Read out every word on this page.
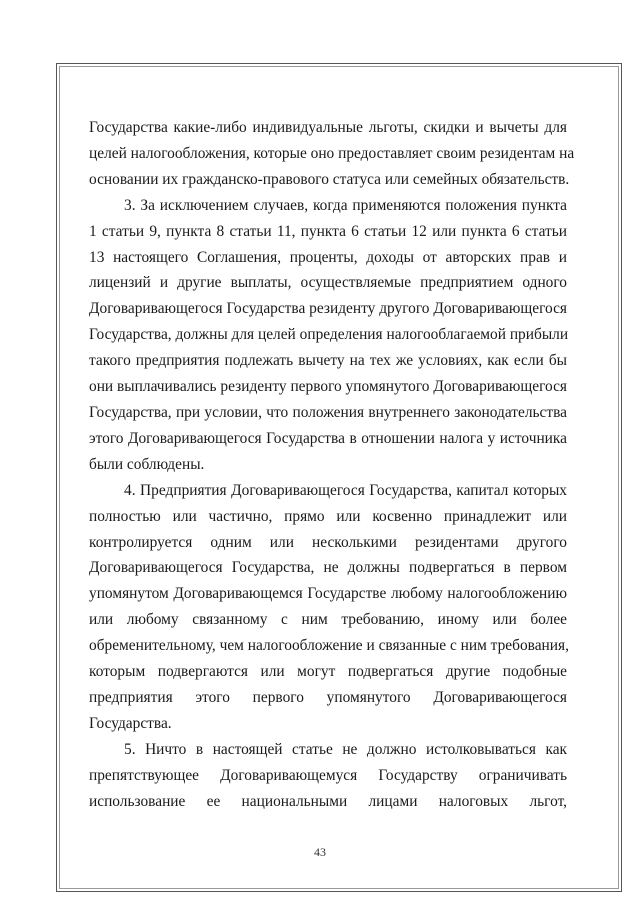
Государства какие-либо индивидуальные льготы, скидки и вычеты для
целей налогообложения, которые оно предоставляет своим резидентам на
основании их гражданско-правового статуса или семейных обязательств.
3. За исключением случаев, когда применяются положения пункта
1 статьи 9, пункта 8 статьи 11, пункта 6 статьи 12 или пункта 6 статьи
13 настоящего Соглашения, проценты, доходы от авторских прав и
лицензий и другие выплаты, осуществляемые предприятием одного
Договаривающегося Государства резиденту другого Договаривающегося
Государства, должны для целей определения налогооблагаемой прибыли
такого предприятия подлежать вычету на тех же условиях, как если бы
они выплачивались резиденту первого упомянутого Договаривающегося
Государства, при условии, что положения внутреннего законодательства
этого Договаривающегося Государства в отношении налога у источника
были соблюдены.
4. Предприятия Договаривающегося Государства, капитал которых
полностью или частично, прямо или косвенно принадлежит или
контролируется одним или несколькими резидентами другого
Договаривающегося Государства, не должны подвергаться в первом
упомянутом Договаривающемся Государстве любому налогообложению
или любому связанному с ним требованию, иному или более
обременительному, чем налогообложение и связанные с ним требования,
которым подвергаются или могут подвергаться другие подобные
предприятия этого первого упомянутого Договаривающегося
Государства.
5. Ничто в настоящей статье не должно истолковываться как
препятствующее Договаривающемуся Государству ограничивать
использование ее национальными лицами налоговых льгот,
43
